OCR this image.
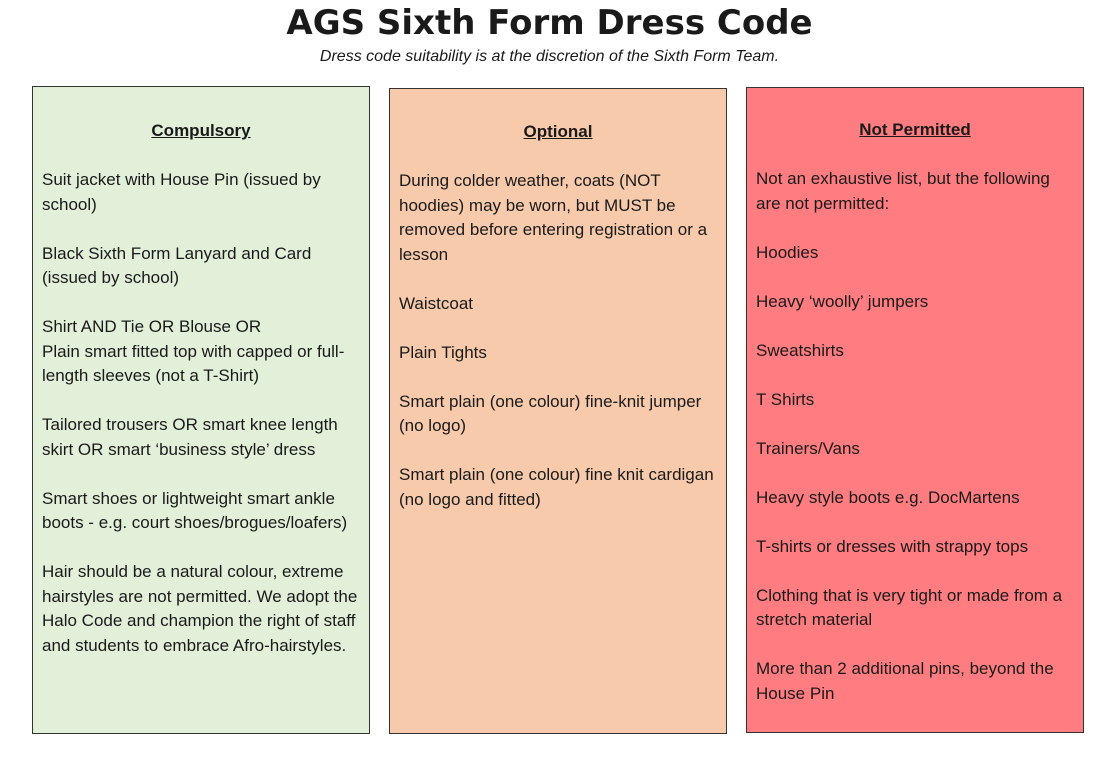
AGS Sixth Form Dress Code
Dress code suitability is at the discretion of the Sixth Form Team.

Compulsory

Suit jacket with House Pin (issued by school)

Black Sixth Form Lanyard and Card (issued by school)

Shirt AND Tie OR Blouse OR
Plain smart fitted top with capped or full-length sleeves (not a T-Shirt)

Tailored trousers OR smart knee length skirt OR smart ‘business style’ dress

Smart shoes or lightweight smart ankle boots - e.g. court shoes/brogues/loafers)

Hair should be a natural colour, extreme hairstyles are not permitted. We adopt the Halo Code and champion the right of staff and students to embrace Afro-hairstyles.

Optional

During colder weather, coats (NOT hoodies) may be worn, but MUST be removed before entering registration or a lesson

Waistcoat

Plain Tights

Smart plain (one colour) fine-knit jumper (no logo)

Smart plain (one colour) fine knit cardigan (no logo and fitted)

Not Permitted

Not an exhaustive list, but the following are not permitted:

Hoodies

Heavy ‘woolly’ jumpers

Sweatshirts

T Shirts

Trainers/Vans

Heavy style boots e.g. DocMartens

T-shirts or dresses with strappy tops

Clothing that is very tight or made from a stretch material

More than 2 additional pins, beyond the House Pin
